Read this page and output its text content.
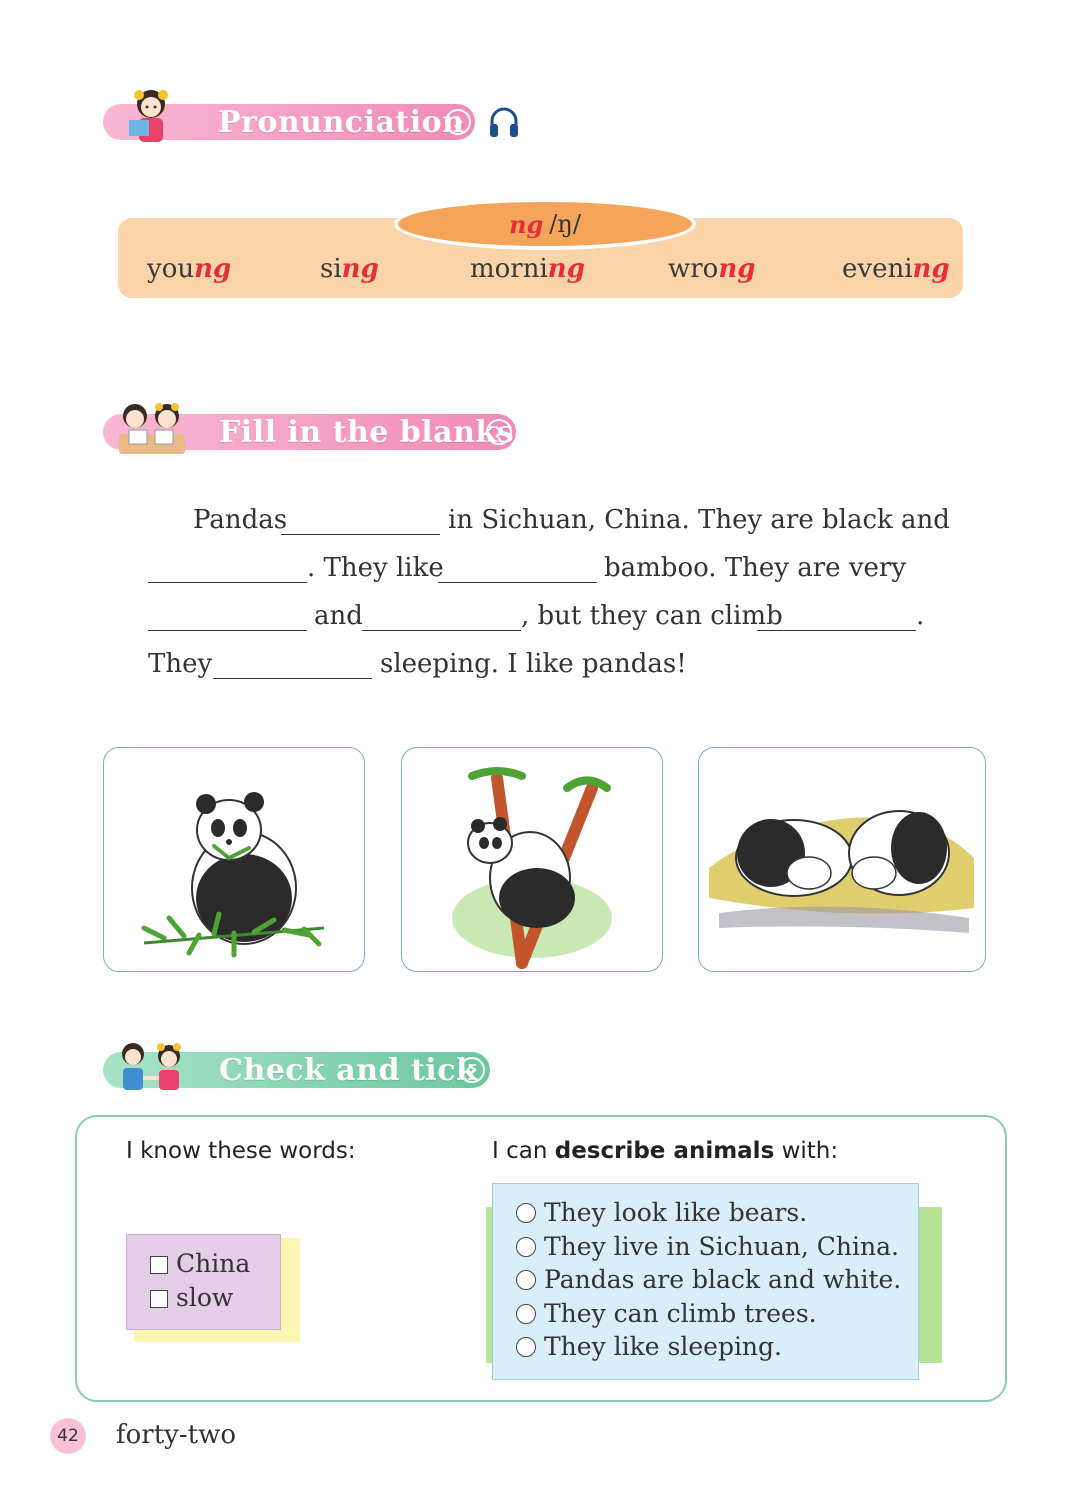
Pronunciation
ng /ŋ/
young	sing	morning	wrong	evening
Fill in the blanks
Pandas	in Sichuan, China. They are black and
. They like	bamboo. They are very
and	, but they can climb	.
They	sleeping. I like pandas!
Check and tick
I know these words:	I can describe animals with:
China
slow
They look like bears.
They live in Sichuan, China.
Pandas are black and white.
They can climb trees.
They like sleeping.
42 forty-two
